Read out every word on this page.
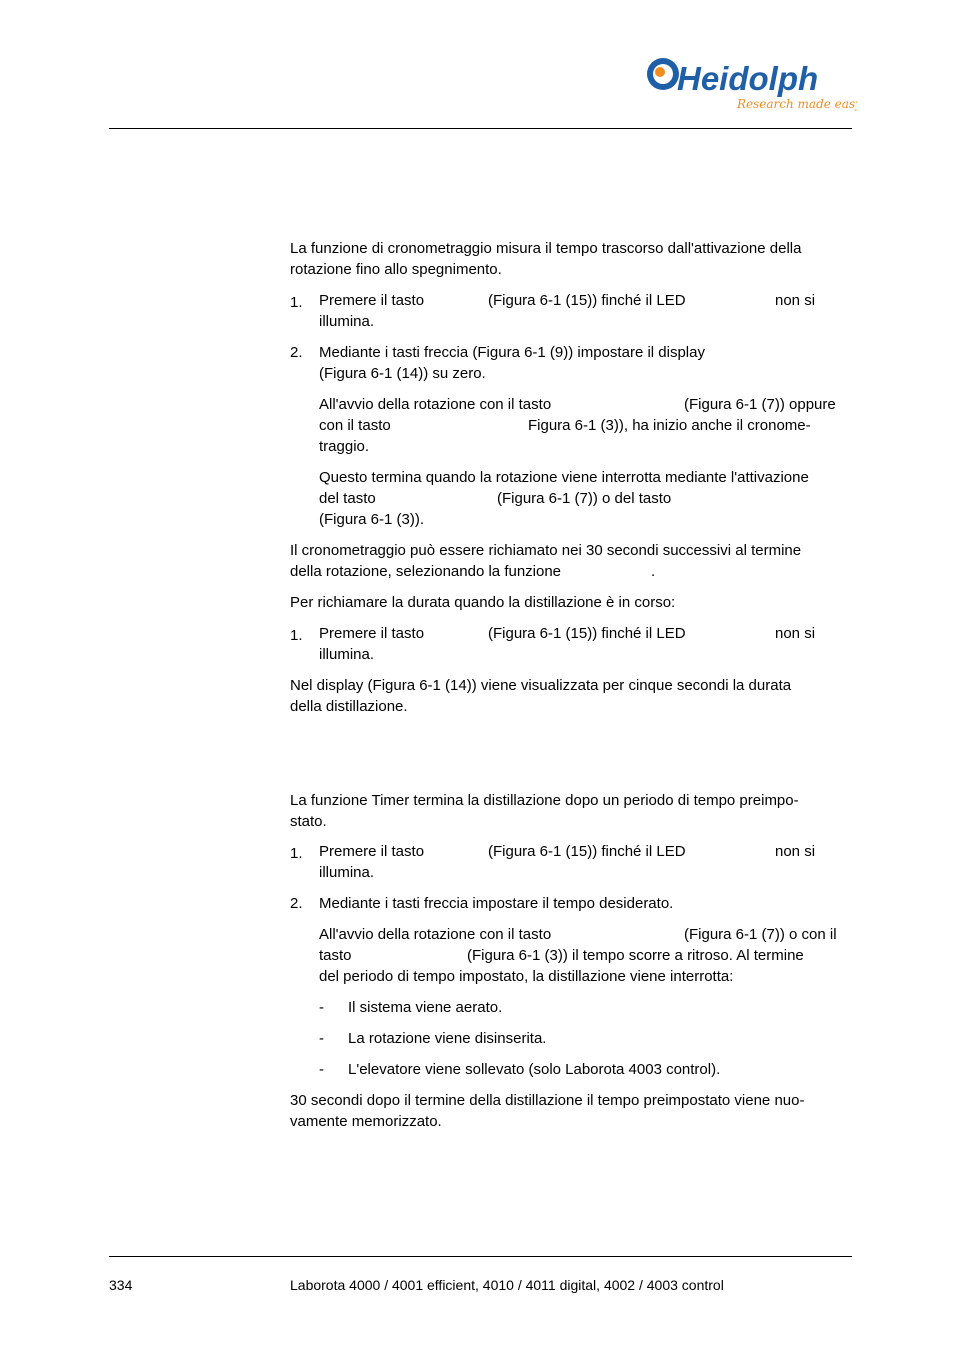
Heidolph
Research made easy
La funzione di cronometraggio misura il tempo trascorso dall'attivazione della
rotazione fino allo spegnimento.
1. Premere il tasto	(Figura 6-1 (15)) finché il LED	non si
illumina.
2. Mediante i tasti freccia (Figura 6-1 (9)) impostare il display
(Figura 6-1 (14)) su zero.
All'avvio della rotazione con il tasto	(Figura 6-1 (7)) oppure
con il tasto	Figura 6-1 (3)), ha inizio anche il cronome-
traggio.
Questo termina quando la rotazione viene interrotta mediante l'attivazione
del tasto	(Figura 6-1 (7)) o del tasto
(Figura 6-1 (3)).
Il cronometraggio può essere richiamato nei 30 secondi successivi al termine
della rotazione, selezionando la funzione	.
Per richiamare la durata quando la distillazione è in corso:
1. Premere il tasto	(Figura 6-1 (15)) finché il LED	non si
illumina.
Nel display (Figura 6-1 (14)) viene visualizzata per cinque secondi la durata
della distillazione.
La funzione Timer termina la distillazione dopo un periodo di tempo preimpo-
stato.
1. Premere il tasto	(Figura 6-1 (15)) finché il LED	non si
illumina.
2. Mediante i tasti freccia impostare il tempo desiderato.
All'avvio della rotazione con il tasto	(Figura 6-1 (7)) o con il
tasto	(Figura 6-1 (3)) il tempo scorre a ritroso. Al termine
del periodo di tempo impostato, la distillazione viene interrotta:
- Il sistema viene aerato.
- La rotazione viene disinserita.
- L'elevatore viene sollevato (solo Laborota 4003 control).
30 secondi dopo il termine della distillazione il tempo preimpostato viene nuo-
vamente memorizzato.
334	Laborota 4000 / 4001 efficient, 4010 / 4011 digital, 4002 / 4003 control
